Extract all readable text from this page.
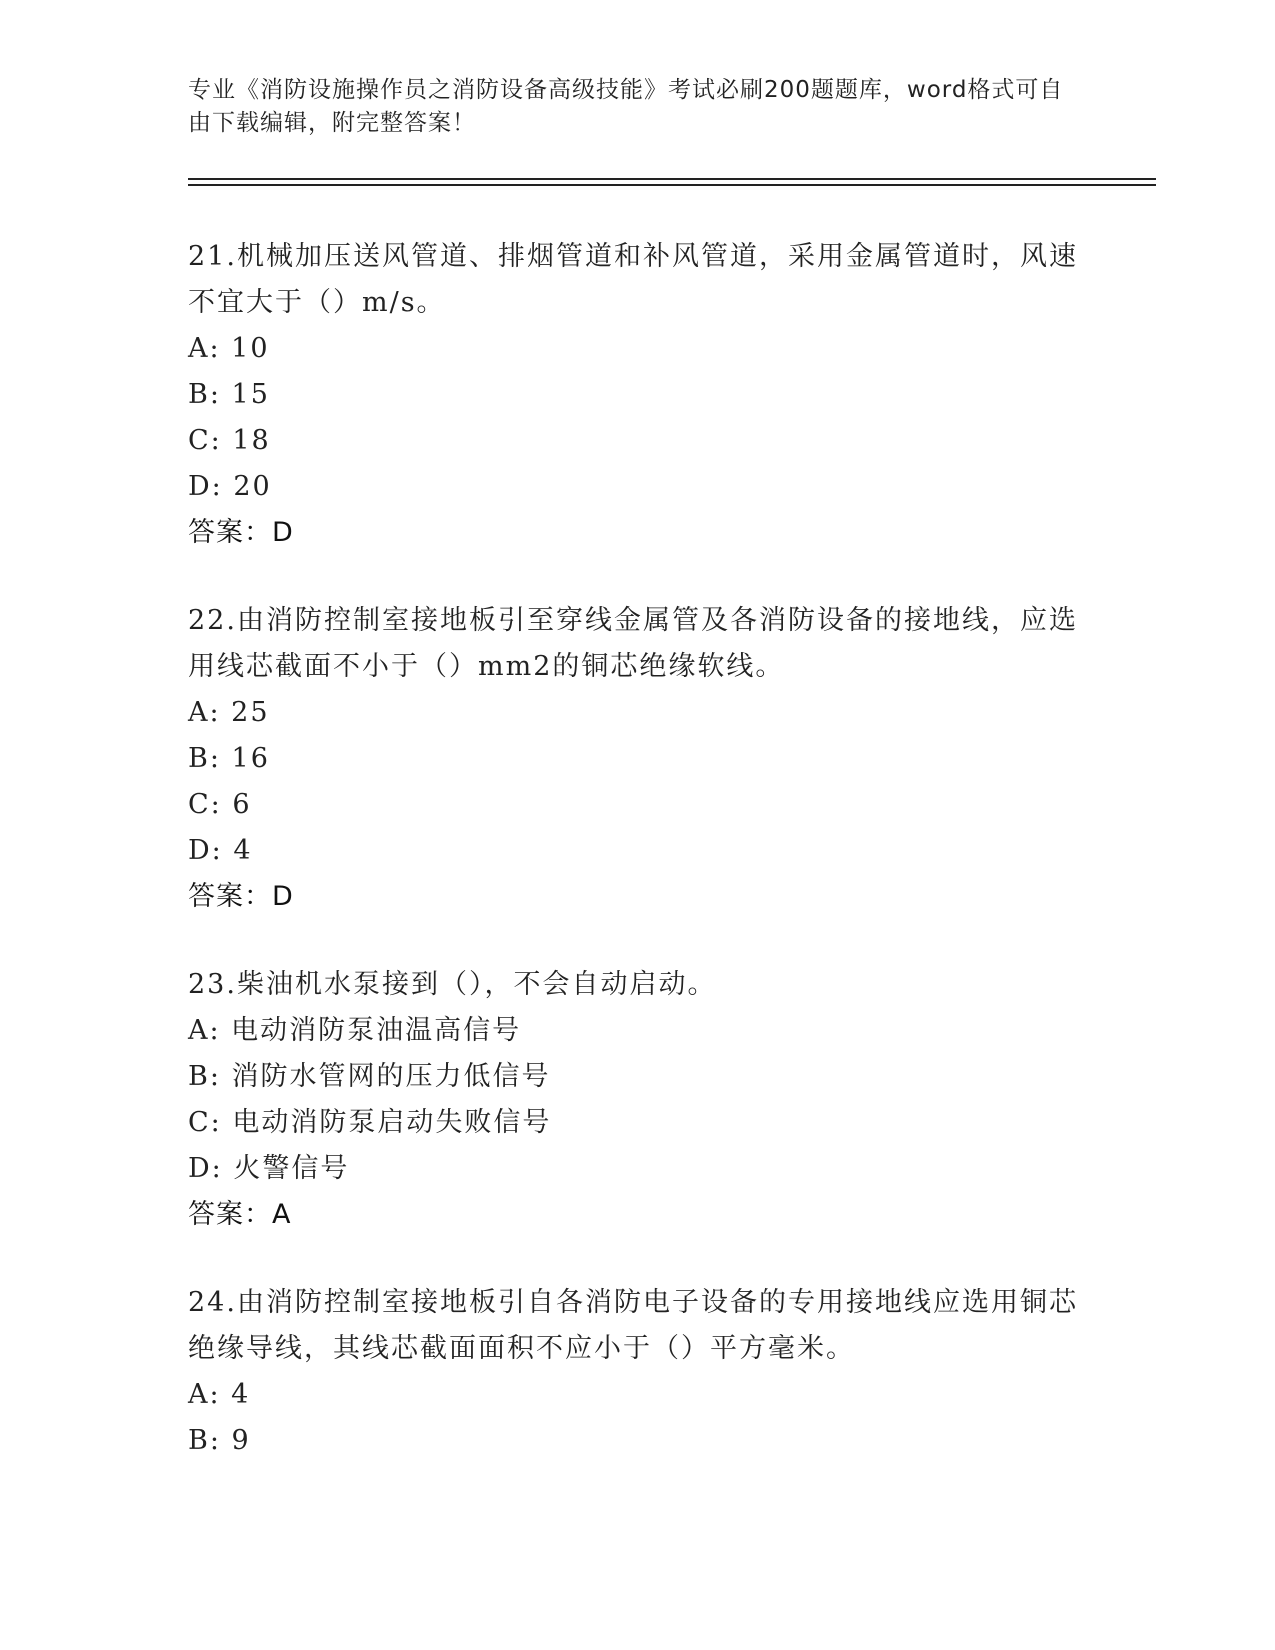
专业《消防设施操作员之消防设备高级技能》考试必刷200题题库，word格式可自由下载编辑，附完整答案！

21.机械加压送风管道、排烟管道和补风管道，采用金属管道时，风速不宜大于（）m/s。

A: 10

B: 15

C: 18

D: 20

答案：D

22.由消防控制室接地板引至穿线金属管及各消防设备的接地线，应选用线芯截面不小于（）mm2的铜芯绝缘软线。

A: 25

B: 16

C: 6

D: 4

答案：D

23.柴油机水泵接到（），不会自动启动。

A: 电动消防泵油温高信号

B: 消防水管网的压力低信号

C: 电动消防泵启动失败信号

D: 火警信号

答案：A

24.由消防控制室接地板引自各消防电子设备的专用接地线应选用铜芯绝缘导线，其线芯截面面积不应小于（）平方毫米。

A: 4

B: 9
